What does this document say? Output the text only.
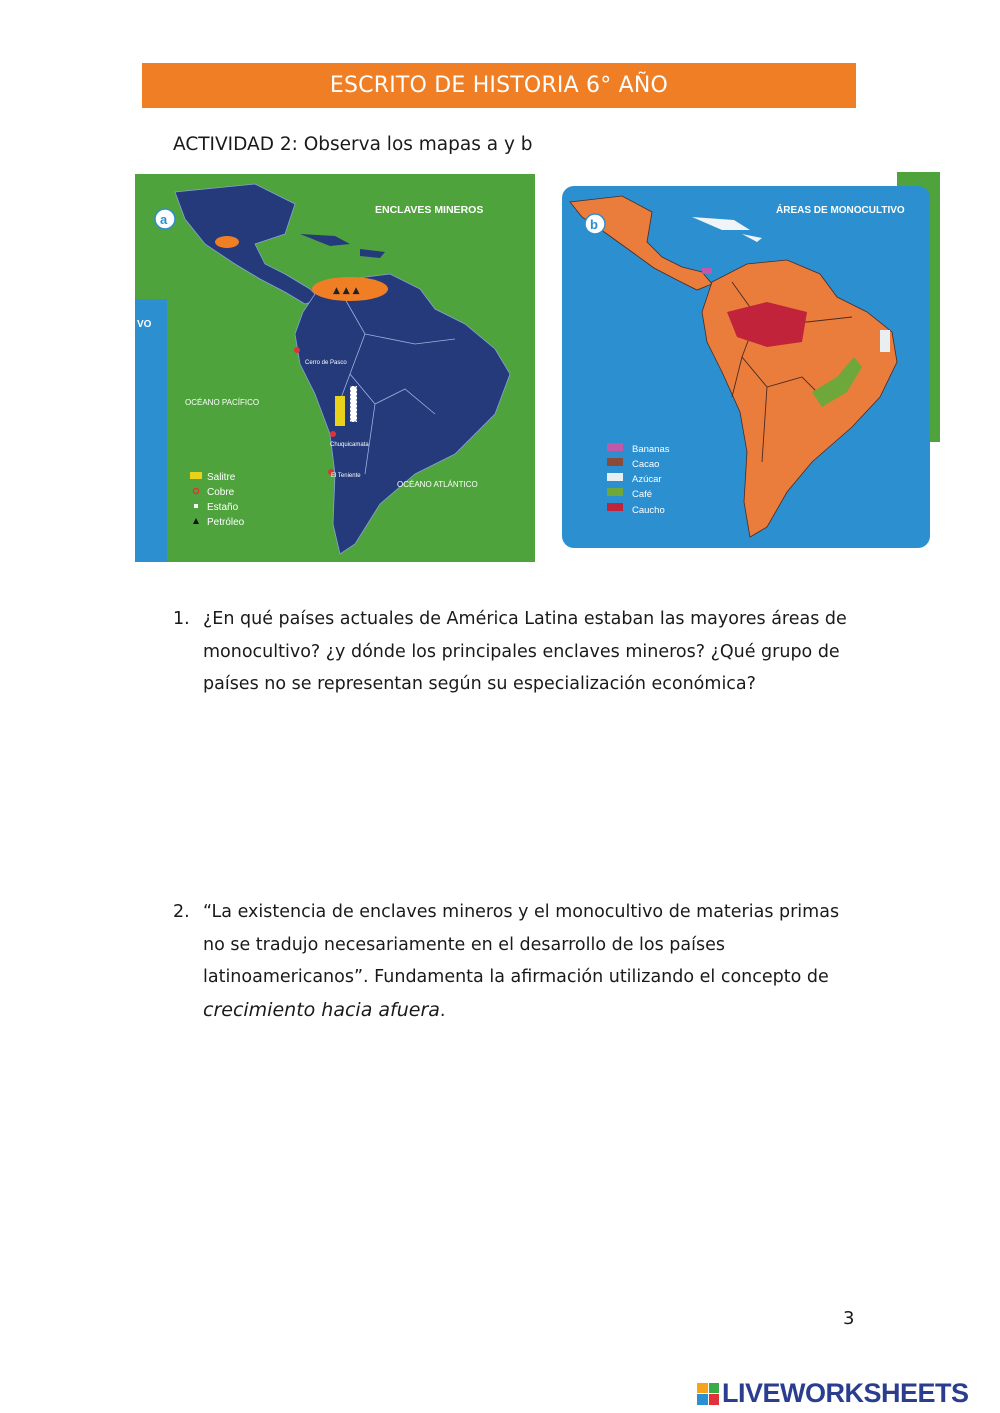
ESCRITO DE HISTORIA 6° AÑO
ACTIVIDAD 2: Observa los mapas a y b
VO
▲ ▲ ▲
a
ENCLAVES MINEROS
OCÉANO PACÍFICO
OCÉANO ATLÁNTICO
Cerro de Pasco
Chuquicamata
El Teniente
Salitre
Cobre
Estaño
Petróleo
b
ÁREAS DE MONOCULTIVO
Bananas
Cacao
Azúcar
Café
Caucho
1. ¿En qué países actuales de América Latina estaban las mayores áreas de monocultivo? ¿y dónde los principales enclaves mineros? ¿Qué grupo de países no se representan según su especialización económica?
2. “La existencia de enclaves mineros y el monocultivo de materias primas no se tradujo necesariamente en el desarrollo de los países latinoamericanos”. Fundamenta la afirmación utilizando el concepto de
crecimiento hacia afuera.
3
LIVEWORKSHEETS
